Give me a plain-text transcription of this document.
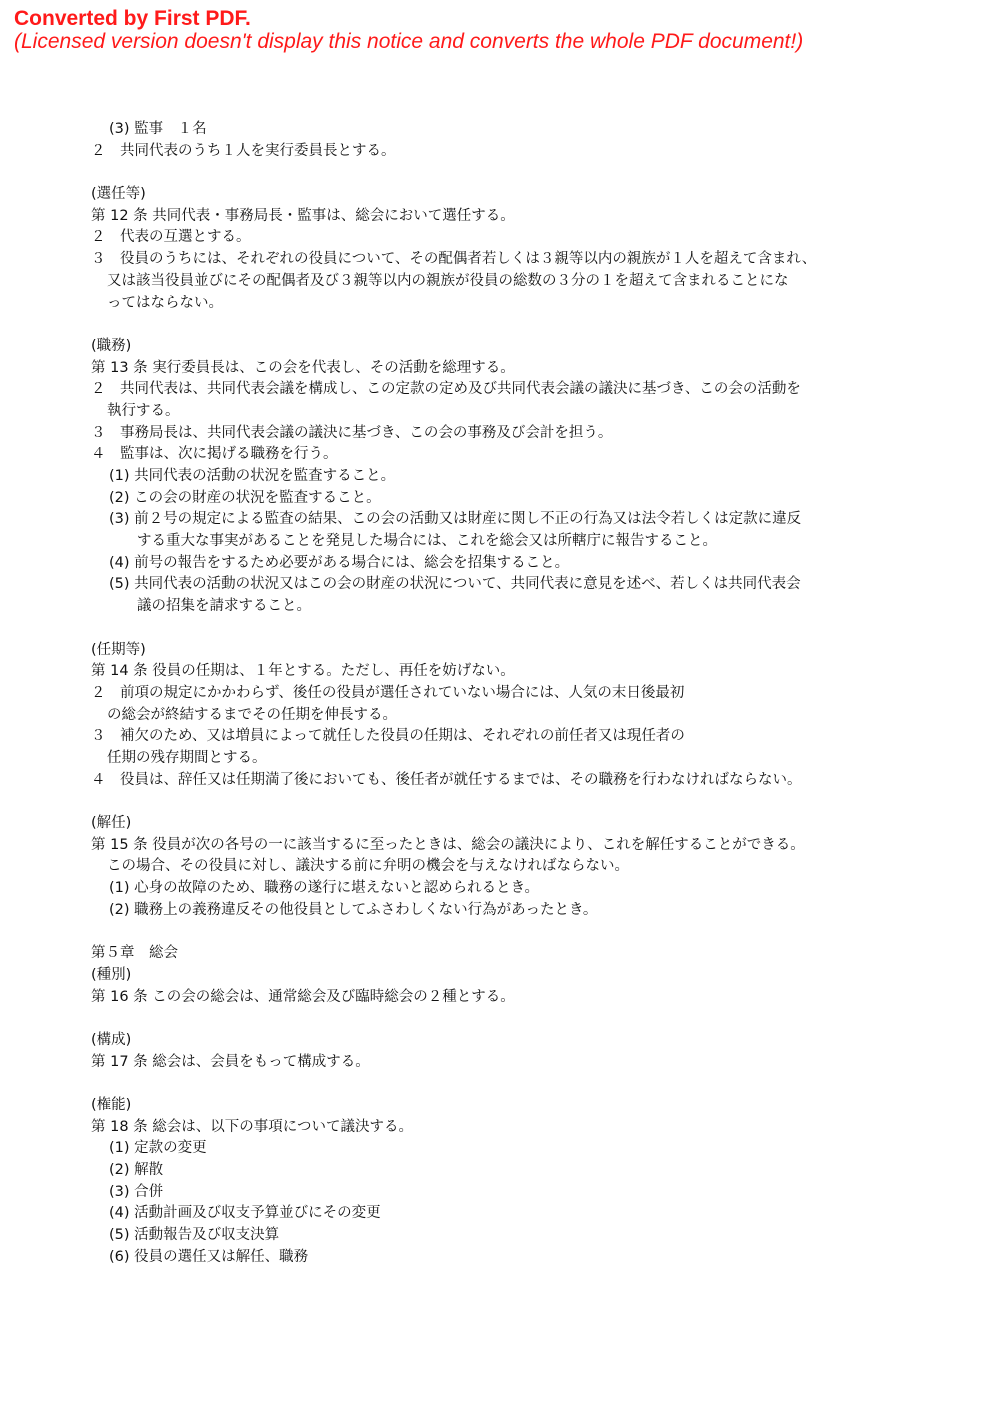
Converted by First PDF.
(Licensed version doesn't display this notice and converts the whole PDF document!)
(3) 監事　１名
２　共同代表のうち１人を実行委員長とする。
(選任等)
第 12 条 共同代表・事務局長・監事は、総会において選任する。
２　代表の互選とする。
３　役員のうちには、それぞれの役員について、その配偶者若しくは３親等以内の親族が１人を超えて含まれ、
又は該当役員並びにその配偶者及び３親等以内の親族が役員の総数の３分の１を超えて含まれることにな
ってはならない。
(職務)
第 13 条 実行委員長は、この会を代表し、その活動を総理する。
２　共同代表は、共同代表会議を構成し、この定款の定め及び共同代表会議の議決に基づき、この会の活動を
執行する。
３　事務局長は、共同代表会議の議決に基づき、この会の事務及び会計を担う。
４　監事は、次に掲げる職務を行う。
(1) 共同代表の活動の状況を監査すること。
(2) この会の財産の状況を監査すること。
(3) 前２号の規定による監査の結果、この会の活動又は財産に関し不正の行為又は法令若しくは定款に違反
する重大な事実があることを発見した場合には、これを総会又は所轄庁に報告すること。
(4) 前号の報告をするため必要がある場合には、総会を招集すること。
(5) 共同代表の活動の状況又はこの会の財産の状況について、共同代表に意見を述べ、若しくは共同代表会
議の招集を請求すること。
(任期等)
第 14 条 役員の任期は、１年とする。ただし、再任を妨げない。
２　前項の規定にかかわらず、後任の役員が選任されていない場合には、人気の末日後最初
の総会が終結するまでその任期を伸長する。
３　補欠のため、又は増員によって就任した役員の任期は、それぞれの前任者又は現任者の
任期の残存期間とする。
４　役員は、辞任又は任期満了後においても、後任者が就任するまでは、その職務を行わなければならない。
(解任)
第 15 条 役員が次の各号の一に該当するに至ったときは、総会の議決により、これを解任することができる。
この場合、その役員に対し、議決する前に弁明の機会を与えなければならない。
(1) 心身の故障のため、職務の遂行に堪えないと認められるとき。
(2) 職務上の義務違反その他役員としてふさわしくない行為があったとき。
第５章　総会
(種別)
第 16 条 この会の総会は、通常総会及び臨時総会の２種とする。
(構成)
第 17 条 総会は、会員をもって構成する。
(権能)
第 18 条 総会は、以下の事項について議決する。
(1) 定款の変更
(2) 解散
(3) 合併
(4) 活動計画及び収支予算並びにその変更
(5) 活動報告及び収支決算
(6) 役員の選任又は解任、職務
